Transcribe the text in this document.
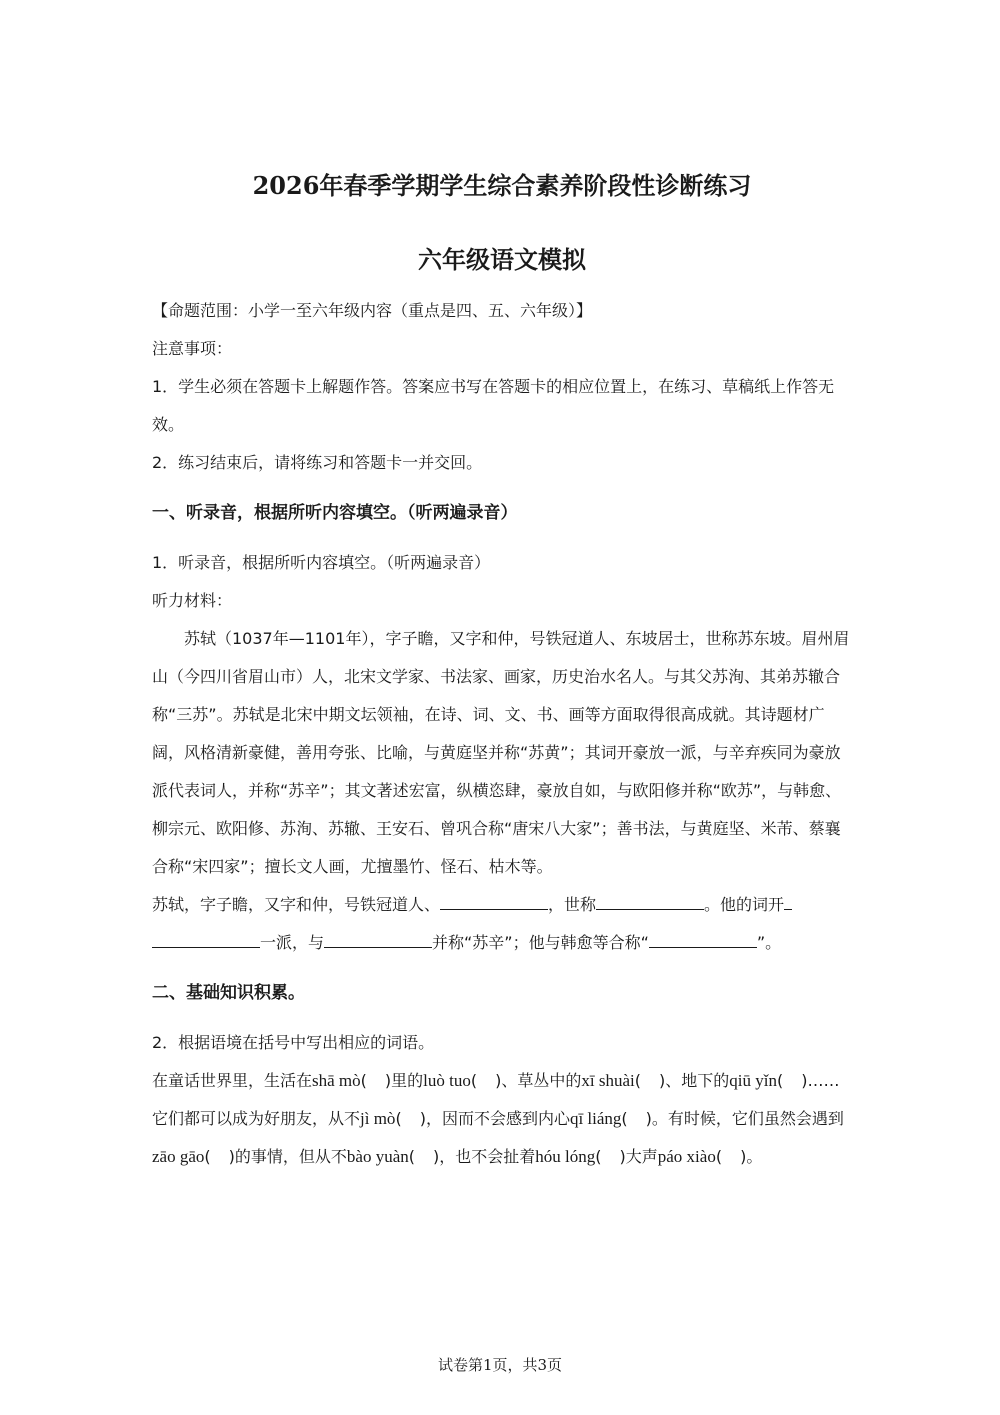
2026年春季学期学生综合素养阶段性诊断练习
六年级语文模拟

【命题范围：小学一至六年级内容（重点是四、五、六年级）】

注意事项：

1．学生必须在答题卡上解题作答。答案应书写在答题卡的相应位置上，在练习、草稿纸上作答无效。

2．练习结束后，请将练习和答题卡一并交回。

一、听录音，根据所听内容填空。（听两遍录音）

1．听录音，根据所听内容填空。（听两遍录音）

听力材料：

苏轼（1037年—1101年），字子瞻，又字和仲，号铁冠道人、东坡居士，世称苏东坡。眉州眉山（今四川省眉山市）人，北宋文学家、书法家、画家，历史治水名人。与其父苏洵、其弟苏辙合称“三苏”。苏轼是北宋中期文坛领袖，在诗、词、文、书、画等方面取得很高成就。其诗题材广阔，风格清新豪健，善用夸张、比喻，与黄庭坚并称“苏黄”；其词开豪放一派，与辛弃疾同为豪放派代表词人，并称“苏辛”；其文著述宏富，纵横恣肆，豪放自如，与欧阳修并称“欧苏”，与韩愈、柳宗元、欧阳修、苏洵、苏辙、王安石、曾巩合称“唐宋八大家”；善书法，与黄庭坚、米芾、蔡襄合称“宋四家”；擅长文人画，尤擅墨竹、怪石、枯木等。

苏轼，字子瞻，又字和仲，号铁冠道人、	，世称	。他的词开一派，与	并称“苏辛”；他与韩愈等合称“	”。

二、基础知识积累。

2．根据语境在括号中写出相应的词语。

在童话世界里，生活在shā mò( )里的luò tuo( )、草丛中的xī shuài( )、地下的qiū yǐn( )……它们都可以成为好朋友，从不jì mò( )，因而不会感到内心qī liáng( )。有时候，它们虽然会遇到zāo gāo( )的事情，但从不bào yuàn( )，也不会扯着hóu lóng( )大声páo xiào( )。

试卷第1页，共3页
